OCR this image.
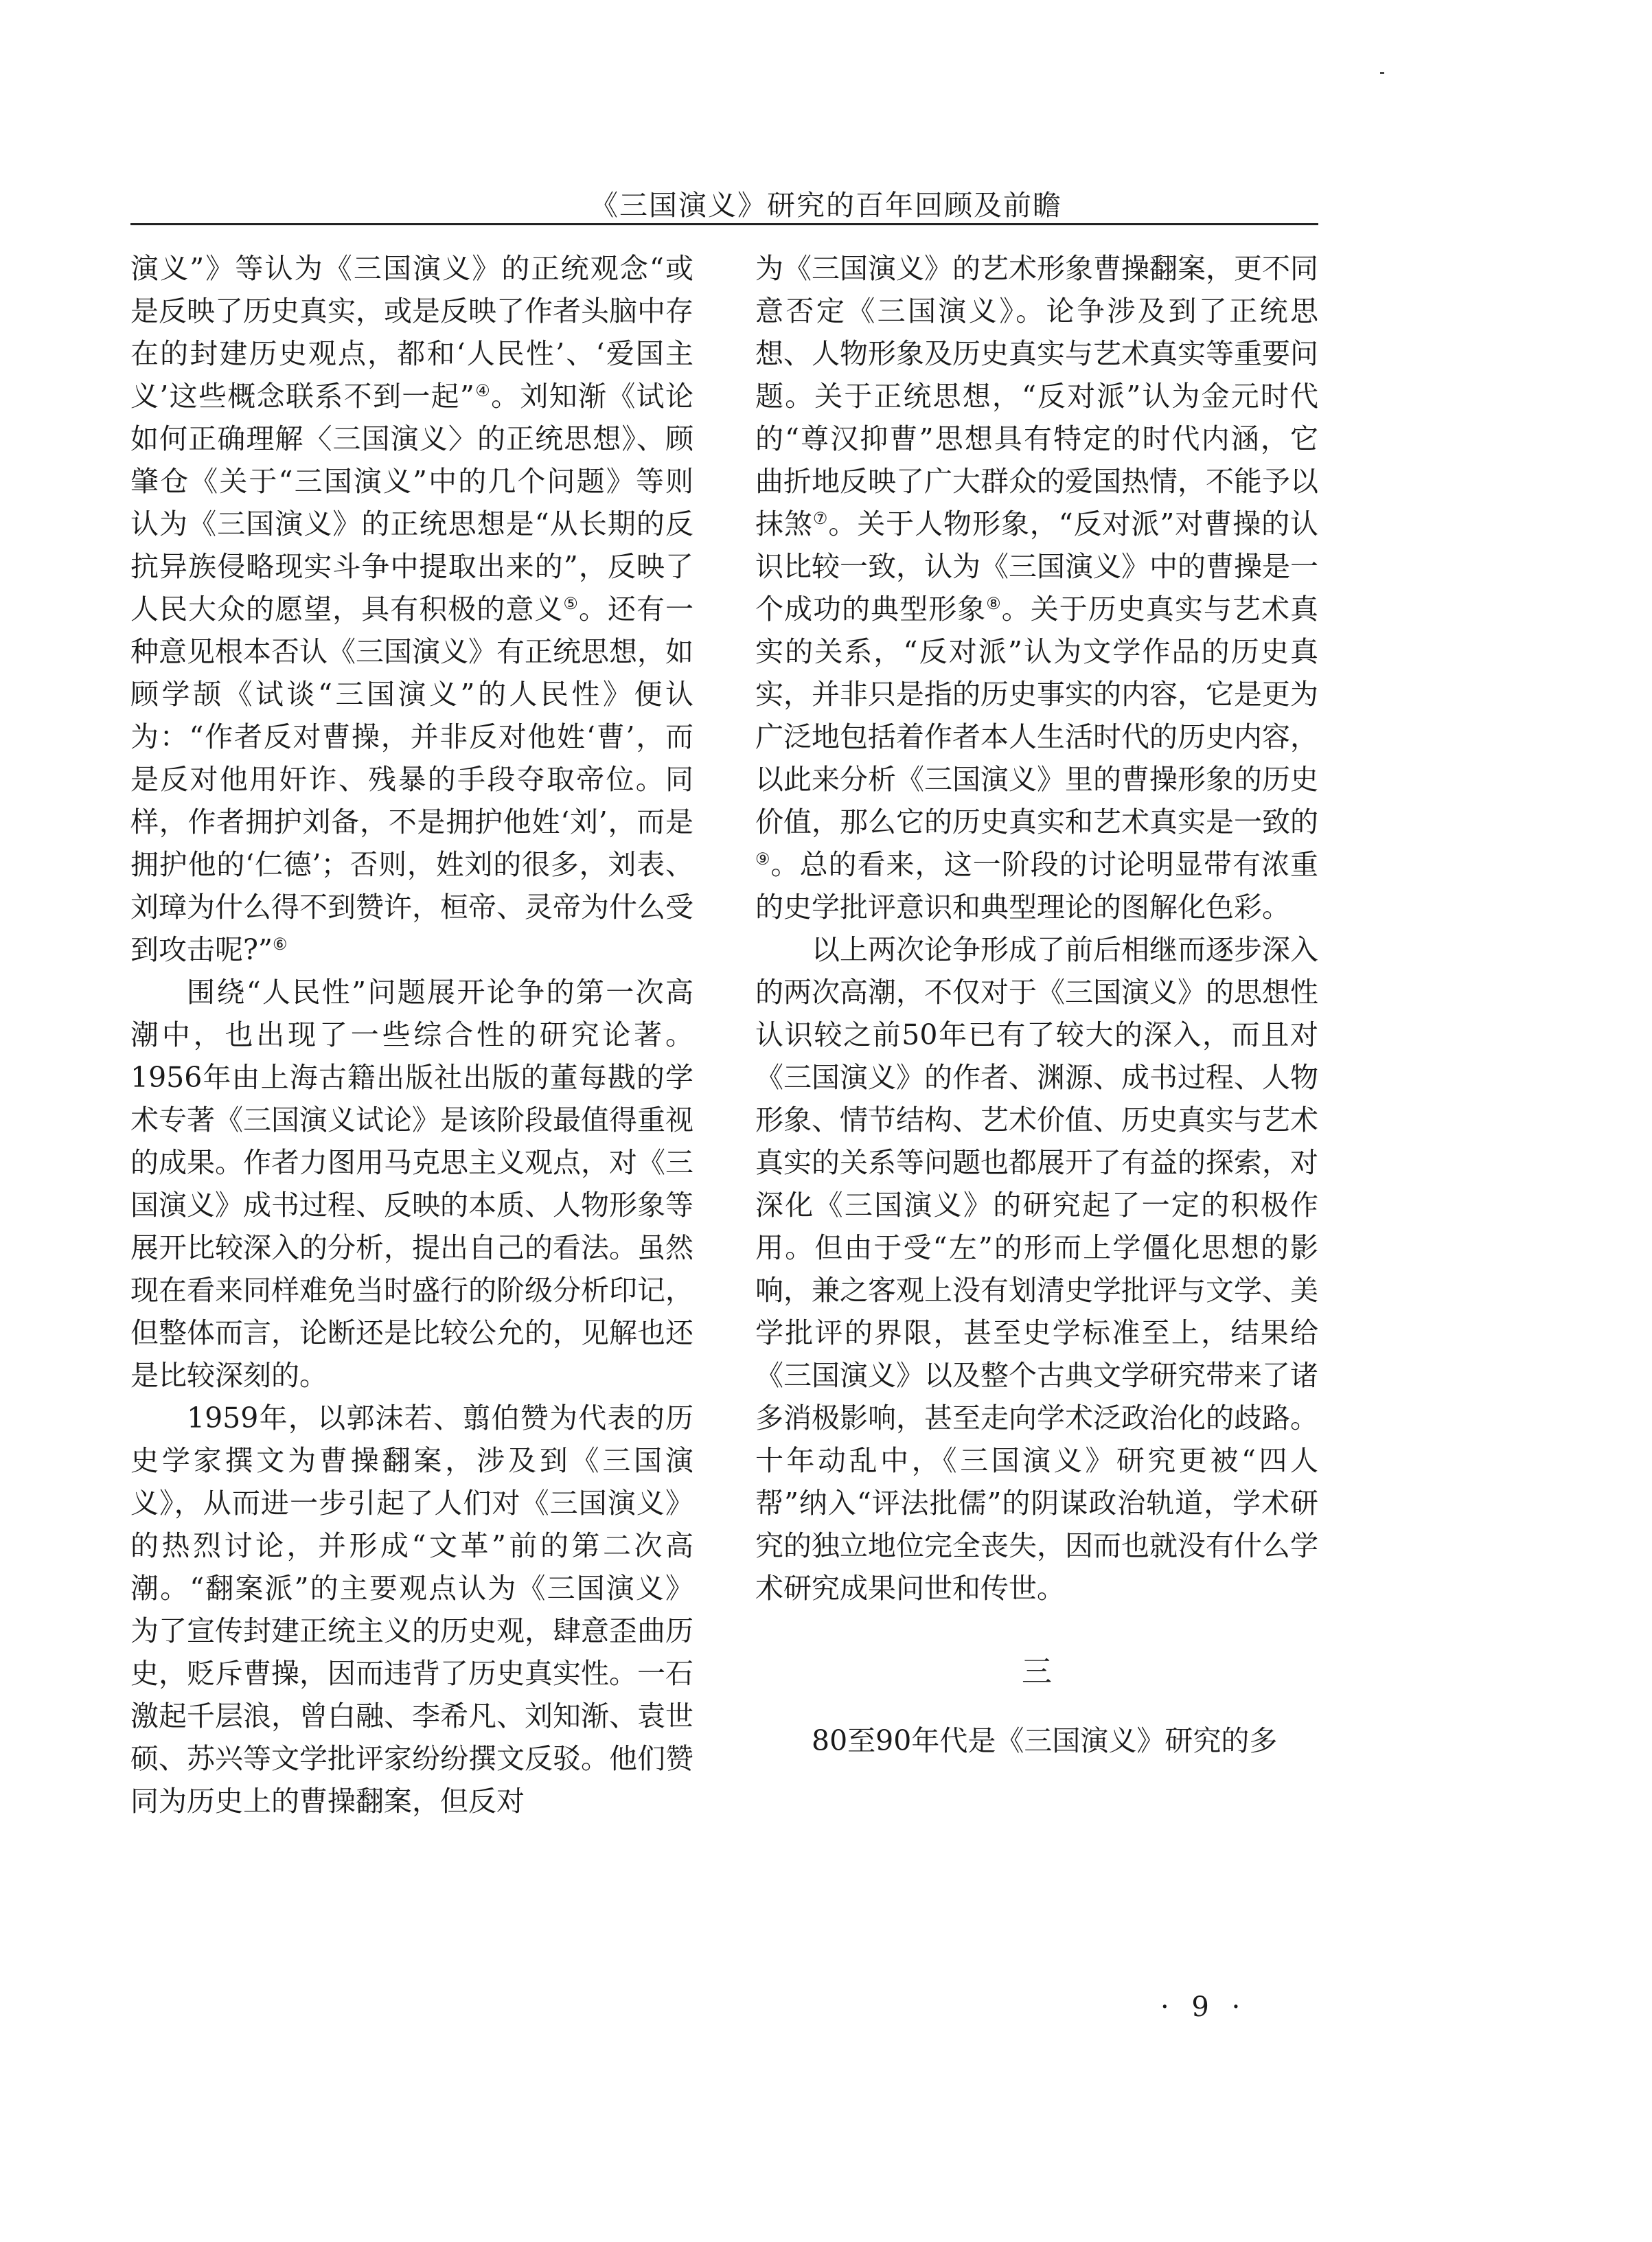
《三国演义》研究的百年回顾及前瞻

演义”》等认为《三国演义》的正统观念“或是反映了历史真实，或是反映了作者头脑中存在的封建历史观点，都和‘人民性’、‘爱国主义’这些概念联系不到一起”④。刘知渐《试论如何正确理解〈三国演义〉的正统思想》、顾肇仓《关于“三国演义”中的几个问题》等则认为《三国演义》的正统思想是“从长期的反抗异族侵略现实斗争中提取出来的”，反映了人民大众的愿望，具有积极的意义⑤。还有一种意见根本否认《三国演义》有正统思想，如顾学颉《试谈“三国演义”的人民性》便认为：“作者反对曹操，并非反对他姓‘曹’，而是反对他用奸诈、残暴的手段夺取帝位。同样，作者拥护刘备，不是拥护他姓‘刘’，而是拥护他的‘仁德’；否则，姓刘的很多，刘表、刘璋为什么得不到赞许，桓帝、灵帝为什么受到攻击呢?”⑥

围绕“人民性”问题展开论争的第一次高潮中，也出现了一些综合性的研究论著。1956年由上海古籍出版社出版的董每戡的学术专著《三国演义试论》是该阶段最值得重视的成果。作者力图用马克思主义观点，对《三国演义》成书过程、反映的本质、人物形象等展开比较深入的分析，提出自己的看法。虽然现在看来同样难免当时盛行的阶级分析印记，但整体而言，论断还是比较公允的，见解也还是比较深刻的。

1959年，以郭沫若、翦伯赞为代表的历史学家撰文为曹操翻案，涉及到《三国演义》，从而进一步引起了人们对《三国演义》的热烈讨论，并形成“文革”前的第二次高潮。“翻案派”的主要观点认为《三国演义》为了宣传封建正统主义的历史观，肆意歪曲历史，贬斥曹操，因而违背了历史真实性。一石激起千层浪，曾白融、李希凡、刘知渐、袁世硕、苏兴等文学批评家纷纷撰文反驳。他们赞同为历史上的曹操翻案，但反对

为《三国演义》的艺术形象曹操翻案，更不同意否定《三国演义》。论争涉及到了正统思想、人物形象及历史真实与艺术真实等重要问题。关于正统思想，“反对派”认为金元时代的“尊汉抑曹”思想具有特定的时代内涵，它曲折地反映了广大群众的爱国热情，不能予以抹煞⑦。关于人物形象，“反对派”对曹操的认识比较一致，认为《三国演义》中的曹操是一个成功的典型形象⑧。关于历史真实与艺术真实的关系，“反对派”认为文学作品的历史真实，并非只是指的历史事实的内容，它是更为广泛地包括着作者本人生活时代的历史内容，以此来分析《三国演义》里的曹操形象的历史价值，那么它的历史真实和艺术真实是一致的⑨。总的看来，这一阶段的讨论明显带有浓重的史学批评意识和典型理论的图解化色彩。

以上两次论争形成了前后相继而逐步深入的两次高潮，不仅对于《三国演义》的思想性认识较之前50年已有了较大的深入，而且对《三国演义》的作者、渊源、成书过程、人物形象、情节结构、艺术价值、历史真实与艺术真实的关系等问题也都展开了有益的探索，对深化《三国演义》的研究起了一定的积极作用。但由于受“左”的形而上学僵化思想的影响，兼之客观上没有划清史学批评与文学、美学批评的界限，甚至史学标准至上，结果给《三国演义》以及整个古典文学研究带来了诸多消极影响，甚至走向学术泛政治化的歧路。十年动乱中，《三国演义》研究更被“四人帮”纳入“评法批儒”的阴谋政治轨道，学术研究的独立地位完全丧失，因而也就没有什么学术研究成果问世和传世。

三

80至90年代是《三国演义》研究的多

· 9 ·
